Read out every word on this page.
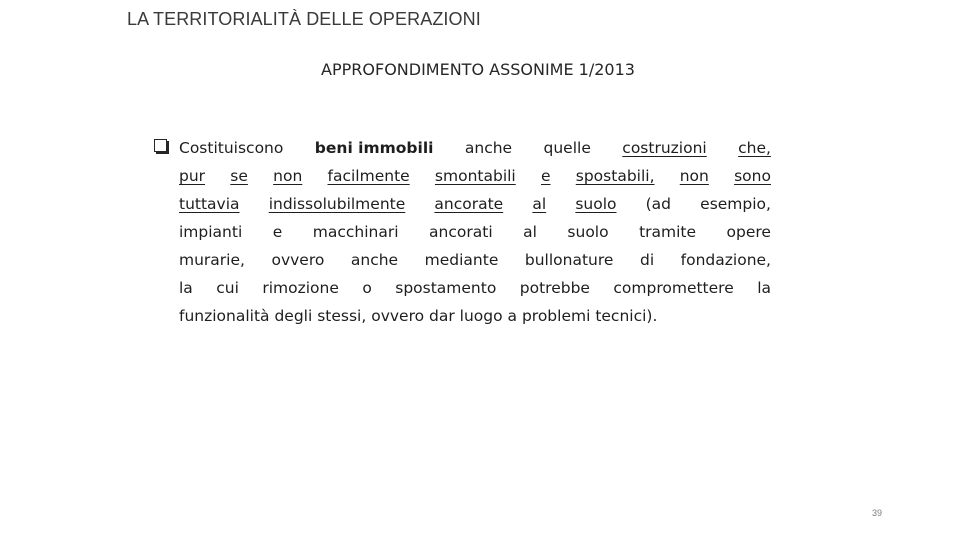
LA TERRITORIALITÀ DELLE OPERAZIONI
APPROFONDIMENTO ASSONIME 1/2013
Costituiscono beni immobili anche quelle costruzioni che,
pur se non facilmente smontabili e spostabili, non sono
tuttavia indissolubilmente ancorate al suolo (ad esempio,
impianti e macchinari ancorati al suolo tramite opere
murarie, ovvero anche mediante bullonature di fondazione,
la cui rimozione o spostamento potrebbe compromettere la
funzionalità degli stessi, ovvero dar luogo a problemi tecnici).
39
